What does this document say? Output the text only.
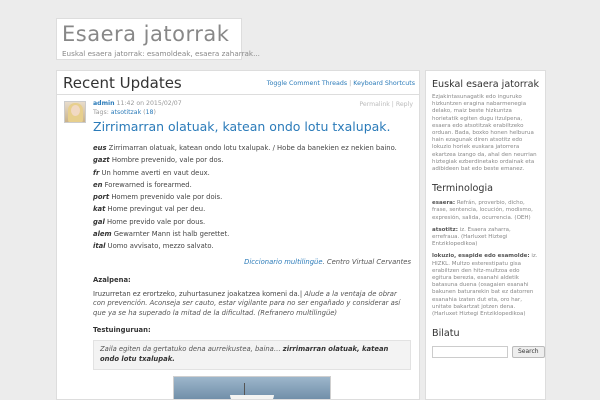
Esaera jatorrak
Euskal esaera jatorrak: esamoldeak, esaera zaharrak...
Recent Updates	Toggle Comment Threads | Keyboard Shortcuts
admin 11:42 on 2015/02/07
Tags: atsotitzak (18)
Permalink | Reply
Zirrimarran olatuak, katean ondo lotu txalupak.
eus Zirrimarran olatuak, katean ondo lotu txalupak. / Hobe da banekien ez nekien baino.
gazt Hombre prevenido, vale por dos.
fr Un homme averti en vaut deux.
en Forewarned is forearmed.
port Homem prevenido vale por dois.
kat Home previngut val per deu.
gal Home prevido vale por dous.
alem Gewarnter Mann ist halb gerettet.
ital Uomo avvisato, mezzo salvato.
Diccionario multilingüe. Centro Virtual Cervantes
Azalpena:
Iruzurretan ez erortzeko, zuhurtasunez joakatzea komeni da.| Alude a la ventaja de obrar con prevención. Aconseja ser cauto, estar vigilante para no ser engañado y considerar así que ya se ha superado la mitad de la dificultad. (Refranero multilingüe)
Testuinguruan:
Zaila egiten da gertatuko dena aurreikustea, baina… zirrimarran olatuak, katean ondo lotu txalupak.
Euskal esaera jatorrak

Ezjakintasunagatik edo inguruko hizkuntzen eragina nabarmenegia delako, maiz beste hizkuntza horietatik egiten dugu itzulpena, esaera edo atsotitzak erabiltzeko orduan. Bada, boxko honen helburua hain ezagunak diren atsotitz edo lokuzio horiek euskara jatorrera ekartzea izango da, ahal den neurrian hiztegiak ezberdinetako ordainak eta adibideen bat edo beste emanez.

Terminologia

esaera: Refrán, proverbio, dicho, frase, sentencia, locución, modismo, expresión, salida, ocurrencia. (OEH)

atsotitz: iz. Esaera zaharra, errefraua. (Harluxet Hiztegi Entziklopedikoa)

lokuzio, esapide edo esamolde: iz. HIZKL. Multzo esterestipatu gisa erabiltzen den hitz-multzoa edo egitura berezia, esanahi aldetik batasuna duena (osagaien esanahi bakunen baturarekin bat ez datorren esanahia izaten dut eta, oro har, unitate bakartzat jotzen dena. (Harluxet Hiztegi Entziklopedikoa)

Bilatu
Search
